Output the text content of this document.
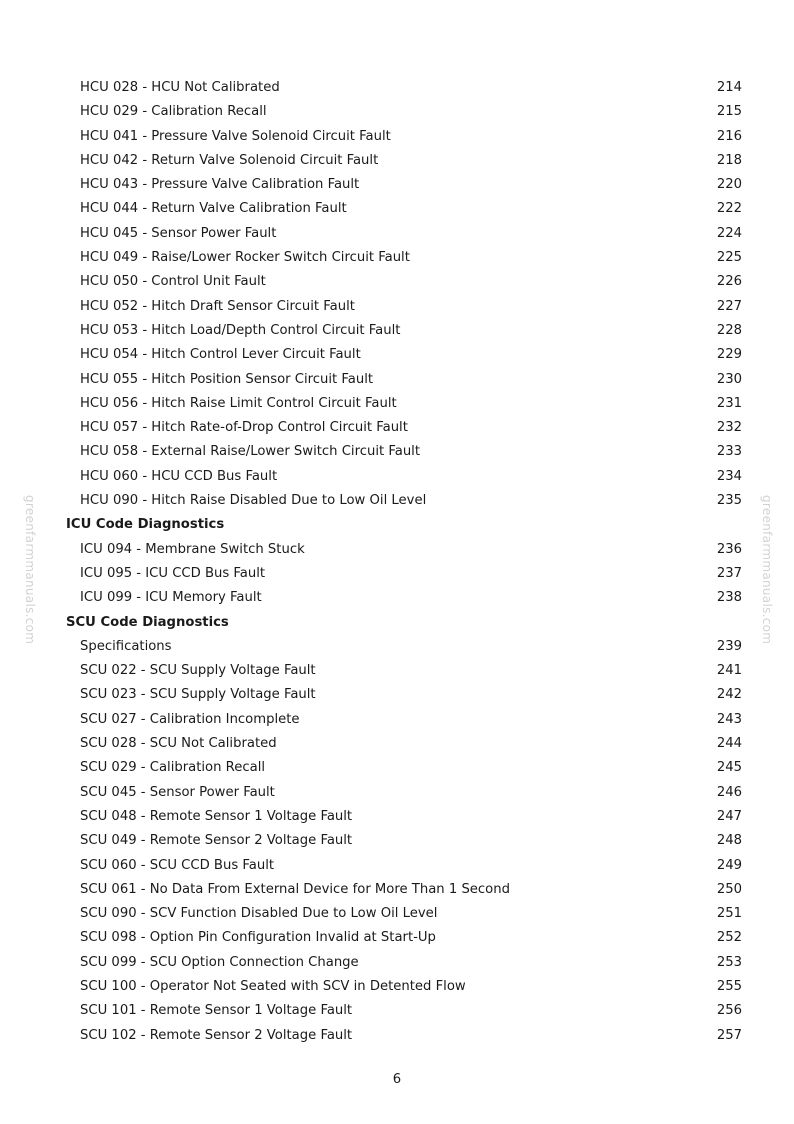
greenfarmmanuals.com	greenfarmmanuals.com
HCU 028 - HCU Not Calibrated	214
HCU 029 - Calibration Recall	215
HCU 041 - Pressure Valve Solenoid Circuit Fault	216
HCU 042 - Return Valve Solenoid Circuit Fault	218
HCU 043 - Pressure Valve Calibration Fault	220
HCU 044 - Return Valve Calibration Fault	222
HCU 045 - Sensor Power Fault	224
HCU 049 - Raise/Lower Rocker Switch Circuit Fault	225
HCU 050 - Control Unit Fault	226
HCU 052 - Hitch Draft Sensor Circuit Fault	227
HCU 053 - Hitch Load/Depth Control Circuit Fault	228
HCU 054 - Hitch Control Lever Circuit Fault	229
HCU 055 - Hitch Position Sensor Circuit Fault	230
HCU 056 - Hitch Raise Limit Control Circuit Fault	231
HCU 057 - Hitch Rate-of-Drop Control Circuit Fault	232
HCU 058 - External Raise/Lower Switch Circuit Fault	233
HCU 060 - HCU CCD Bus Fault	234
HCU 090 - Hitch Raise Disabled Due to Low Oil Level	235
ICU Code Diagnostics
ICU 094 - Membrane Switch Stuck	236
ICU 095 - ICU CCD Bus Fault	237
ICU 099 - ICU Memory Fault	238
SCU Code Diagnostics
Specifications	239
SCU 022 - SCU Supply Voltage Fault	241
SCU 023 - SCU Supply Voltage Fault	242
SCU 027 - Calibration Incomplete	243
SCU 028 - SCU Not Calibrated	244
SCU 029 - Calibration Recall	245
SCU 045 - Sensor Power Fault	246
SCU 048 - Remote Sensor 1 Voltage Fault	247
SCU 049 - Remote Sensor 2 Voltage Fault	248
SCU 060 - SCU CCD Bus Fault	249
SCU 061 - No Data From External Device for More Than 1 Second	250
SCU 090 - SCV Function Disabled Due to Low Oil Level	251
SCU 098 - Option Pin Configuration Invalid at Start-Up	252
SCU 099 - SCU Option Connection Change	253
SCU 100 - Operator Not Seated with SCV in Detented Flow	255
SCU 101 - Remote Sensor 1 Voltage Fault	256
SCU 102 - Remote Sensor 2 Voltage Fault	257
6
